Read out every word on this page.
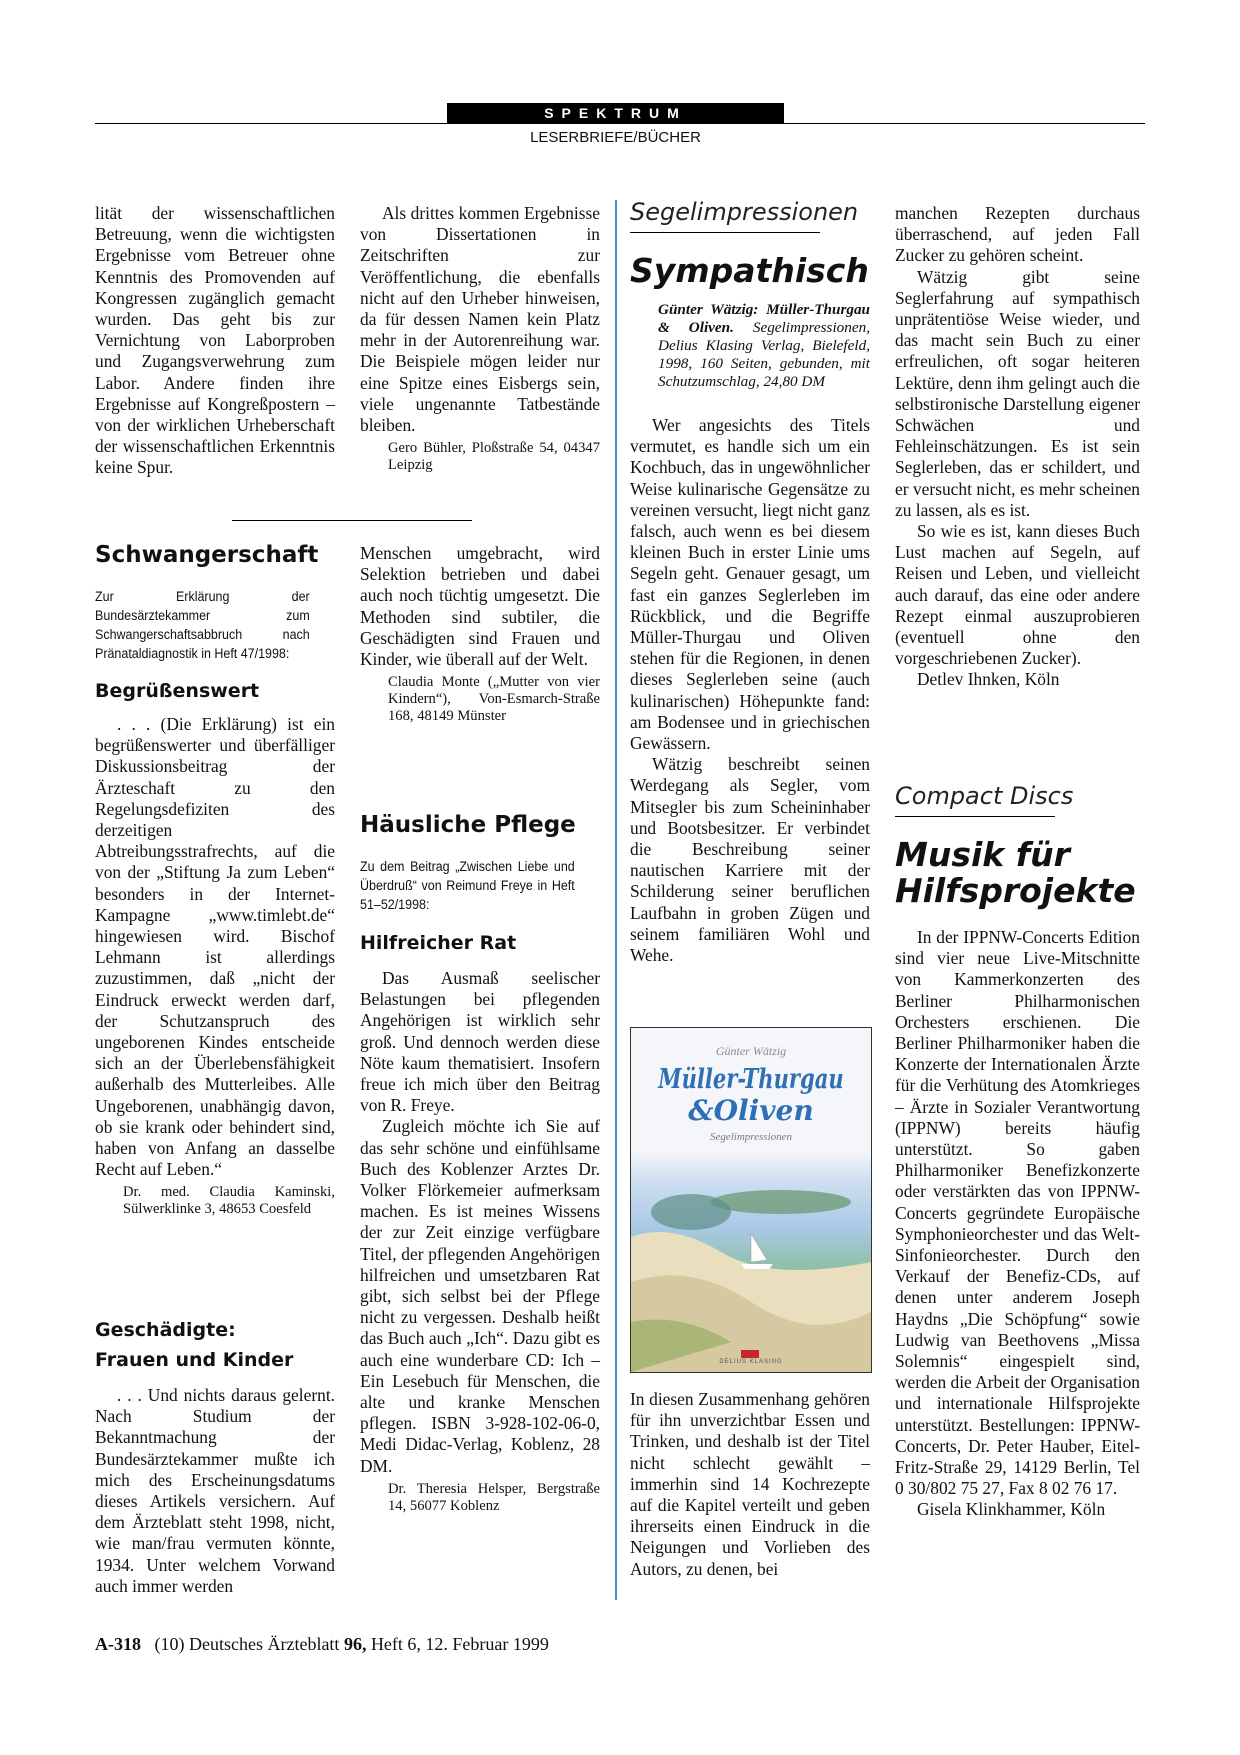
SPEKTRUM
LESERBRIEFE/BÜCHER

lität der wissenschaftlichen Betreuung, wenn die wichtigsten Ergebnisse vom Betreuer ohne Kenntnis des Promovenden auf Kongressen zugänglich gemacht wurden. Das geht bis zur Vernichtung von Laborproben und Zugangsverwehrung zum Labor. Andere finden ihre Ergebnisse auf Kongreßpostern – von der wirklichen Urheberschaft der wissenschaftlichen Erkenntnis keine Spur.

Als drittes kommen Ergebnisse von Dissertationen in Zeitschriften zur Veröffentlichung, die ebenfalls nicht auf den Urheber hinweisen, da für dessen Namen kein Platz mehr in der Autorenreihung war. Die Beispiele mögen leider nur eine Spitze eines Eisbergs sein, viele ungenannte Tatbestände bleiben.

Gero Bühler, Ploßstraße 54, 04347 Leipzig
Schwangerschaft
Zur Erklärung der Bundesärztekammer zum Schwangerschaftsabbruch nach Pränataldiagnostik in Heft 47/1998:
Begrüßenswert

. . . (Die Erklärung) ist ein begrüßenswerter und überfälliger Diskussionsbeitrag der Ärzteschaft zu den Regelungsdefiziten des derzeitigen Abtreibungsstrafrechts, auf die von der „Stiftung Ja zum Leben“ besonders in der Internet-Kampagne „www.timlebt.de“ hingewiesen wird. Bischof Lehmann ist allerdings zuzustimmen, daß „nicht der Eindruck erweckt werden darf, der Schutzanspruch des ungeborenen Kindes entscheide sich an der Überlebensfähigkeit außerhalb des Mutterleibes. Alle Ungeborenen, unabhängig davon, ob sie krank oder behindert sind, haben von Anfang an dasselbe Recht auf Leben.“

Dr. med. Claudia Kaminski, Sülwerklinke 3, 48653 Coesfeld
Geschädigte:
Frauen und Kinder

. . . Und nichts daraus gelernt. Nach Studium der Bekanntmachung der Bundesärztekammer mußte ich mich des Erscheinungsdatums dieses Artikels versichern. Auf dem Ärzteblatt steht 1998, nicht, wie man/frau vermuten könnte, 1934. Unter welchem Vorwand auch immer werden

Menschen umgebracht, wird Selektion betrieben und dabei auch noch tüchtig umgesetzt. Die Methoden sind subtiler, die Geschädigten sind Frauen und Kinder, wie überall auf der Welt.

Claudia Monte („Mutter von vier Kindern“), Von-Esmarch-Straße 168, 48149 Münster
Häusliche Pflege
Zu dem Beitrag „Zwischen Liebe und Überdruß“ von Reimund Freye in Heft 51–52/1998:
Hilfreicher Rat

Das Ausmaß seelischer Belastungen bei pflegenden Angehörigen ist wirklich sehr groß. Und dennoch werden diese Nöte kaum thematisiert. Insofern freue ich mich über den Beitrag von R. Freye.

Zugleich möchte ich Sie auf das sehr schöne und einfühlsame Buch des Koblenzer Arztes Dr. Volker Flörkemeier aufmerksam machen. Es ist meines Wissens der zur Zeit einzige verfügbare Titel, der pflegenden Angehörigen hilfreichen und umsetzbaren Rat gibt, sich selbst bei der Pflege nicht zu vergessen. Deshalb heißt das Buch auch „Ich“. Dazu gibt es auch eine wunderbare CD: Ich – Ein Lesebuch für Menschen, die alte und kranke Menschen pflegen. ISBN 3-928-102-06-0, Medi Didac-Verlag, Koblenz, 28 DM.

Dr. Theresia Helsper, Bergstraße 14, 56077 Koblenz
Segelimpressionen
Sympathisch
Günter Wätzig: Müller-Thurgau & Oliven. Segelimpressionen, Delius Klasing Verlag, Bielefeld, 1998, 160 Seiten, gebunden, mit Schutzumschlag, 24,80 DM

Wer angesichts des Titels vermutet, es handle sich um ein Kochbuch, das in ungewöhnlicher Weise kulinarische Gegensätze zu vereinen versucht, liegt nicht ganz falsch, auch wenn es bei diesem kleinen Buch in erster Linie ums Segeln geht. Genauer gesagt, um fast ein ganzes Seglerleben im Rückblick, und die Begriffe Müller-Thurgau und Oliven stehen für die Regionen, in denen dieses Seglerleben seine (auch kulinarischen) Höhepunkte fand: am Bodensee und in griechischen Gewässern.

Wätzig beschreibt seinen Werdegang als Segler, vom Mitsegler bis zum Scheininhaber und Bootsbesitzer. Er verbindet die Beschreibung seiner nautischen Karriere mit der Schilderung seiner beruflichen Laufbahn in groben Zügen und seinem familiären Wohl und Wehe.

Günter Wätzig
Müller-Thurgau
&Oliven
Segelimpressionen
DELIUS KLASING

In diesen Zusammenhang gehören für ihn unverzichtbar Essen und Trinken, und deshalb ist der Titel nicht schlecht gewählt – immerhin sind 14 Kochrezepte auf die Kapitel verteilt und geben ihrerseits einen Eindruck in die Neigungen und Vorlieben des Autors, zu denen, bei

manchen Rezepten durchaus überraschend, auf jeden Fall Zucker zu gehören scheint.

Wätzig gibt seine Seglerfahrung auf sympathisch unprätentiöse Weise wieder, und das macht sein Buch zu einer erfreulichen, oft sogar heiteren Lektüre, denn ihm gelingt auch die selbstironische Darstellung eigener Schwächen und Fehleinschätzungen. Es ist sein Seglerleben, das er schildert, und er versucht nicht, es mehr scheinen zu lassen, als es ist.

So wie es ist, kann dieses Buch Lust machen auf Segeln, auf Reisen und Leben, und vielleicht auch darauf, das eine oder andere Rezept einmal auszuprobieren (eventuell ohne den vorgeschriebenen Zucker).

Detlev Ihnken, Köln

Compact Discs
Musik für
Hilfsprojekte

In der IPPNW-Concerts Edition sind vier neue Live-Mitschnitte von Kammerkonzerten des Berliner Philharmonischen Orchesters erschienen. Die Berliner Philharmoniker haben die Konzerte der Internationalen Ärzte für die Verhütung des Atomkrieges – Ärzte in Sozialer Verantwortung (IPPNW) bereits häufig unterstützt. So gaben Philharmoniker Benefizkonzerte oder verstärkten das von IPPNW-Concerts gegründete Europäische Symphonieorchester und das Welt-Sinfonieorchester. Durch den Verkauf der Benefiz-CDs, auf denen unter anderem Joseph Haydns „Die Schöpfung“ sowie Ludwig van Beethovens „Missa Solemnis“ eingespielt sind, werden die Arbeit der Organisation und internationale Hilfsprojekte unterstützt. Bestellungen: IPPNW-Concerts, Dr. Peter Hauber, Eitel-Fritz-Straße 29, 14129 Berlin, Tel 0 30/802 75 27, Fax 8 02 76 17.

Gisela Klinkhammer, Köln

A-318 (10) Deutsches Ärzteblatt 96, Heft 6, 12. Februar 1999
